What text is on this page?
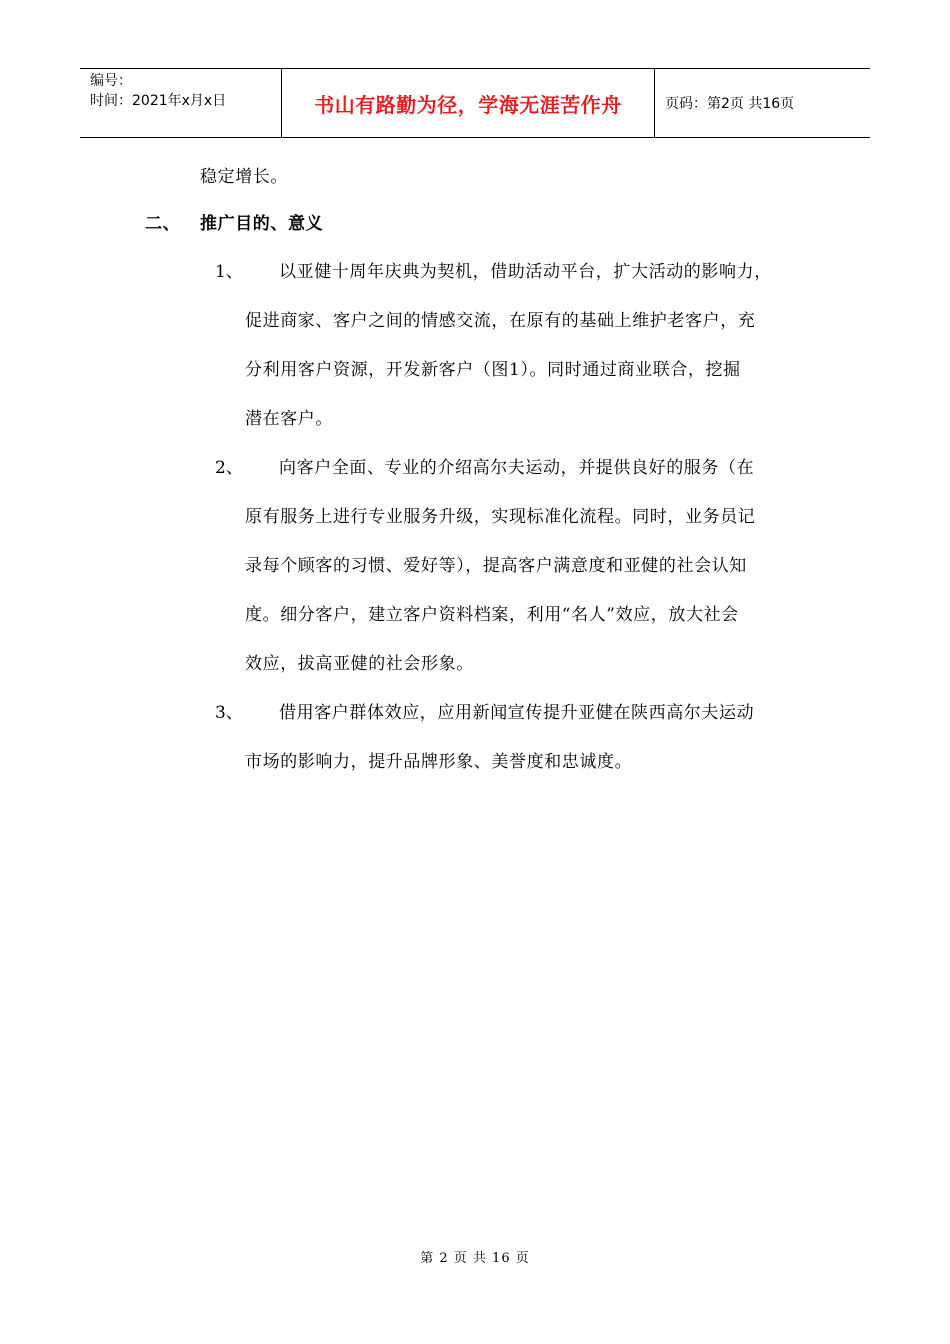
编号：
时间：2021年x月x日	书山有路勤为径，学海无涯苦作舟	页码：第2页 共16页
稳定增长。
二、 推广目的、意义
1、 以亚健十周年庆典为契机，借助活动平台，扩大活动的影响力，
促进商家、客户之间的情感交流，在原有的基础上维护老客户，充
分利用客户资源，开发新客户（图1）。同时通过商业联合，挖掘
潜在客户。
2、 向客户全面、专业的介绍高尔夫运动，并提供良好的服务（在
原有服务上进行专业服务升级，实现标准化流程。同时，业务员记
录每个顾客的习惯、爱好等），提高客户满意度和亚健的社会认知
度。细分客户，建立客户资料档案，利用“名人”效应，放大社会
效应，拔高亚健的社会形象。
3、 借用客户群体效应，应用新闻宣传提升亚健在陕西高尔夫运动
市场的影响力，提升品牌形象、美誉度和忠诚度。
第 2 页 共 16 页
